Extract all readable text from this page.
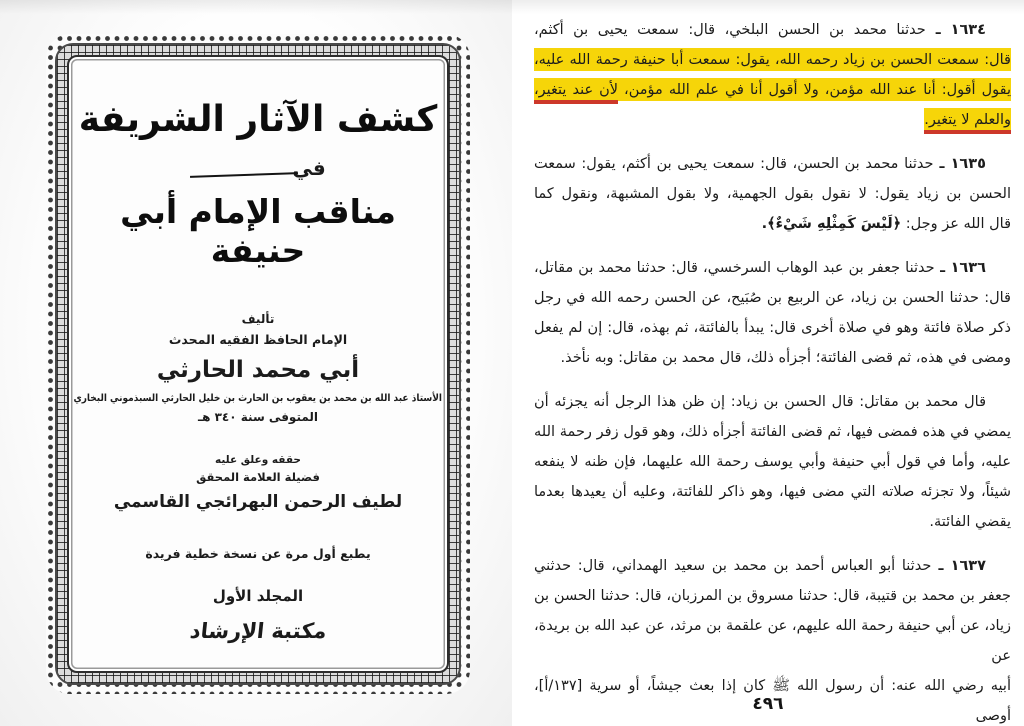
كشف الآثار الشريفة
في
مناقب الإمام أبي حنيفة
تأليف
الإمام الحافظ الفقيه المحدث
أبي محمد الحارثي
الأستاذ عبد الله بن محمد بن يعقوب بن الحارث بن خليل الحارثي السبذموني البخاري
المتوفى سنة ٣٤٠ هـ
حققه وعلق عليه
فضيلة العلامة المحقق
لطيف الرحمن البهرائجي القاسمي
يطبع أول مرة عن نسخة خطية فريدة
المجلد الأول
مكتبة الإرشاد
١٦٣٤ ـ حدثنا محمد بن الحسن البلخي، قال: سمعت يحيى بن أكثم،
قال: سمعت الحسن بن زياد رحمه الله، يقول: سمعت أبا حنيفة رحمة الله عليه،
يقول أقول: أنا عند الله مؤمن، ولا أقول أنا في علم الله مؤمن، لأن عند يتغير،
والعلم لا يتغير.
١٦٣٥ ـ حدثنا محمد بن الحسن، قال: سمعت يحيى بن أكثم، يقول: سمعت
الحسن بن زياد يقول: لا نقول بقول الجهمية، ولا بقول المشبهة، ونقول كما
قال الله عز وجل: ﴿لَيْسَ كَمِثْلِهِ شَيْءٌ﴾.
١٦٣٦ ـ حدثنا جعفر بن عبد الوهاب السرخسي، قال: حدثنا محمد بن مقاتل،
قال: حدثنا الحسن بن زياد، عن الربيع بن صُبَيح، عن الحسن رحمه الله في رجل
ذكر صلاة فائتة وهو في صلاة أخرى قال: يبدأ بالفائتة، ثم بهذه، قال: إن لم يفعل
ومضى في هذه، ثم قضى الفائتة؛ أجزأه ذلك، قال محمد بن مقاتل: وبه نأخذ.
قال محمد بن مقاتل: قال الحسن بن زياد: إن ظن هذا الرجل أنه يجزئه أن
يمضي في هذه فمضى فيها، ثم قضى الفائتة أجزأه ذلك، وهو قول زفر رحمة الله
عليه، وأما في قول أبي حنيفة وأبي يوسف رحمة الله عليهما، فإن ظنه لا ينفعه
شيئاً، ولا تجزئه صلاته التي مضى فيها، وهو ذاكر للفائتة، وعليه أن يعيدها بعدما
يقضي الفائتة.
١٦٣٧ ـ حدثنا أبو العباس أحمد بن محمد بن سعيد الهمداني، قال: حدثني
جعفر بن محمد بن قتيبة، قال: حدثنا مسروق بن المرزبان، قال: حدثنا الحسن بن
زياد، عن أبي حنيفة رحمة الله عليهم، عن علقمة بن مرثد، عن عبد الله بن بريدة، عن
أبيه رضي الله عنه: أن رسول الله ﷺ كان إذا بعث جيشاً، أو سرية [١٣٧/أ]، أوصى
٤٩٦
